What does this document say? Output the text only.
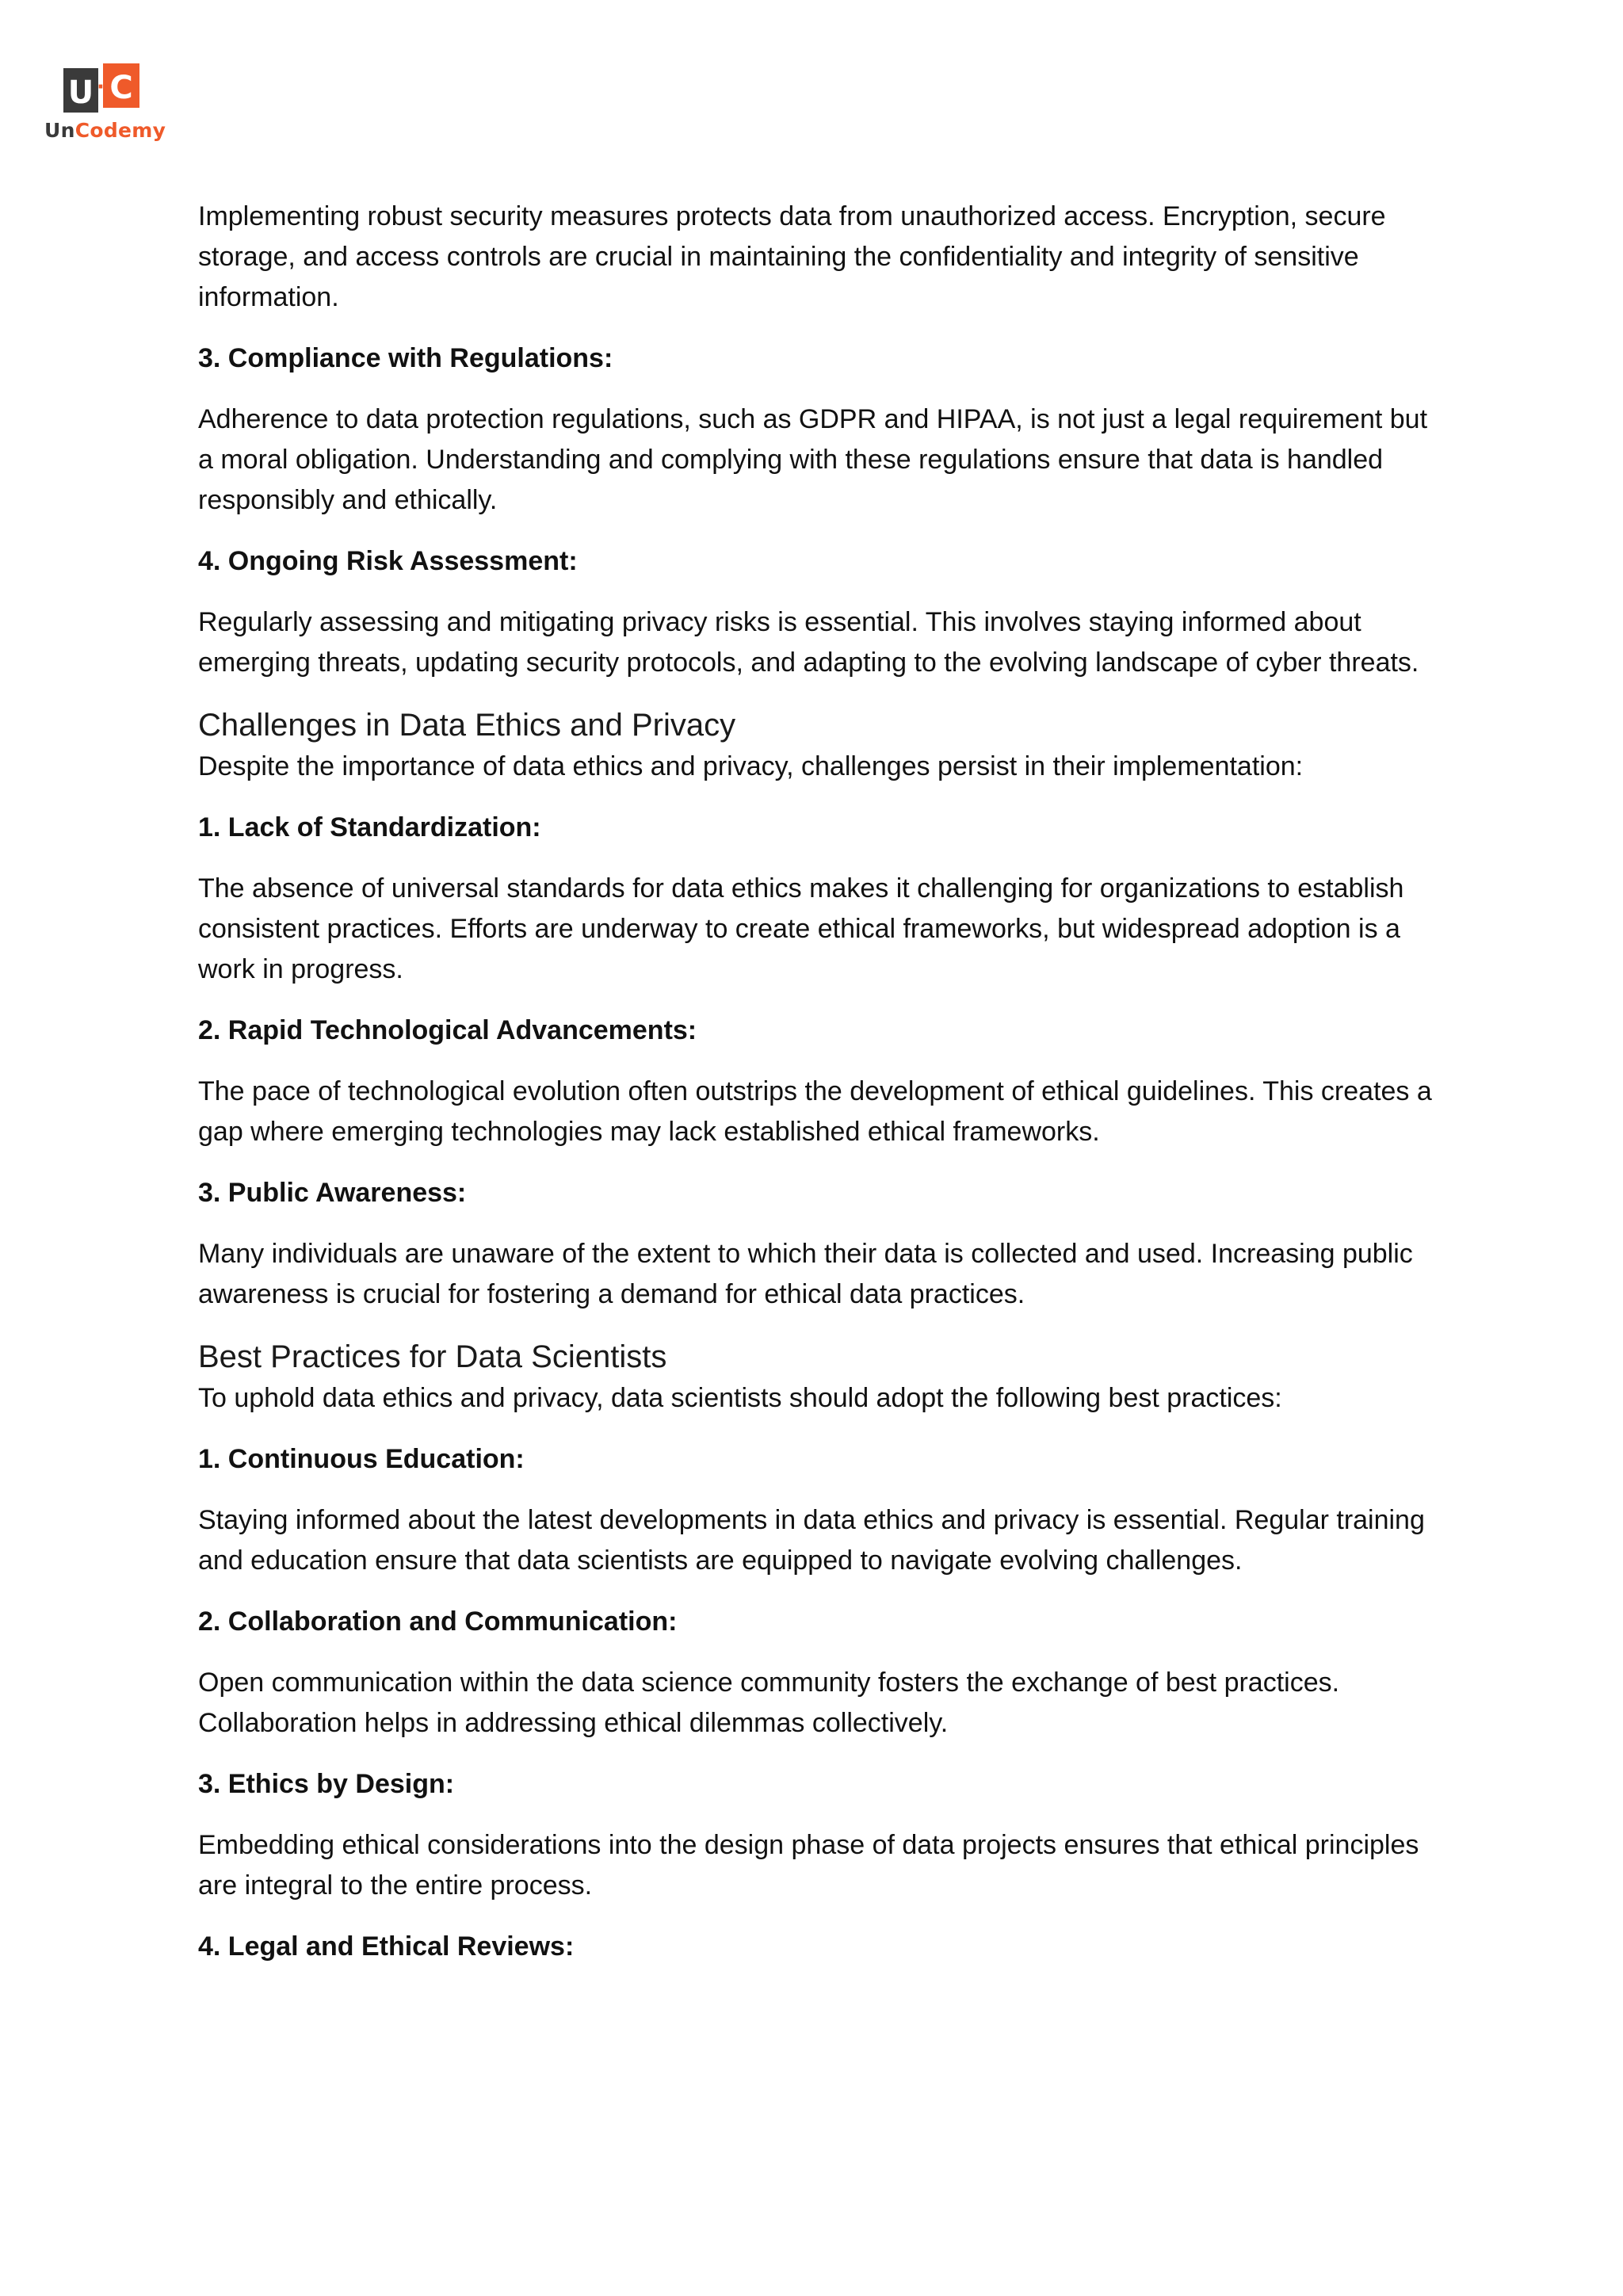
U · C
UnCodemy

Implementing robust security measures protects data from unauthorized access. Encryption, secure storage, and access controls are crucial in maintaining the confidentiality and integrity of sensitive information.

3. Compliance with Regulations:

Adherence to data protection regulations, such as GDPR and HIPAA, is not just a legal requirement but a moral obligation. Understanding and complying with these regulations ensure that data is handled responsibly and ethically.

4. Ongoing Risk Assessment:

Regularly assessing and mitigating privacy risks is essential. This involves staying informed about emerging threats, updating security protocols, and adapting to the evolving landscape of cyber threats.

Challenges in Data Ethics and Privacy

Despite the importance of data ethics and privacy, challenges persist in their implementation:

1. Lack of Standardization:

The absence of universal standards for data ethics makes it challenging for organizations to establish consistent practices. Efforts are underway to create ethical frameworks, but widespread adoption is a work in progress.

2. Rapid Technological Advancements:

The pace of technological evolution often outstrips the development of ethical guidelines. This creates a gap where emerging technologies may lack established ethical frameworks.

3. Public Awareness:

Many individuals are unaware of the extent to which their data is collected and used. Increasing public awareness is crucial for fostering a demand for ethical data practices.

Best Practices for Data Scientists

To uphold data ethics and privacy, data scientists should adopt the following best practices:

1. Continuous Education:

Staying informed about the latest developments in data ethics and privacy is essential. Regular training and education ensure that data scientists are equipped to navigate evolving challenges.

2. Collaboration and Communication:

Open communication within the data science community fosters the exchange of best practices. Collaboration helps in addressing ethical dilemmas collectively.

3. Ethics by Design:

Embedding ethical considerations into the design phase of data projects ensures that ethical principles are integral to the entire process.

4. Legal and Ethical Reviews:
